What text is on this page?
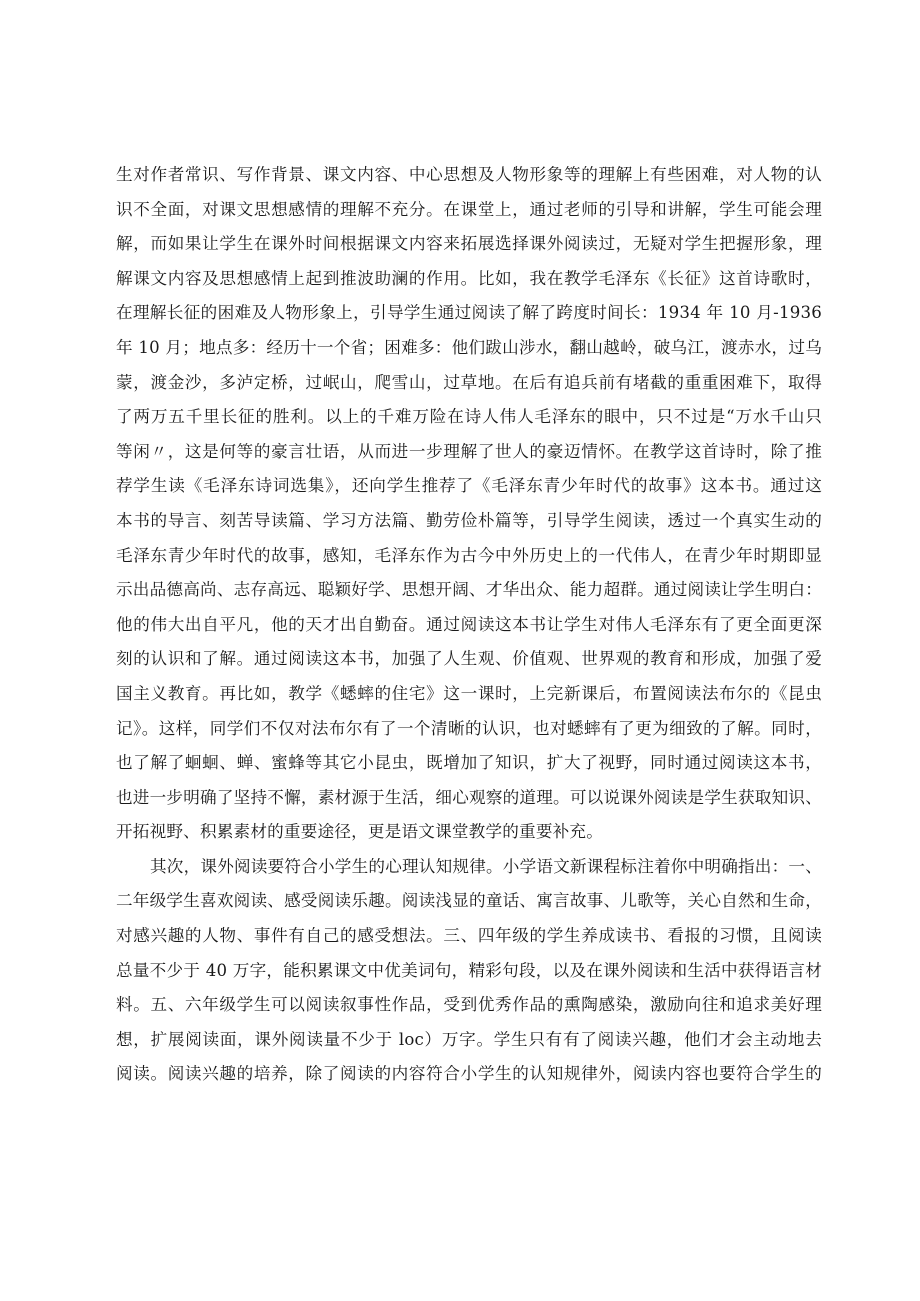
生对作者常识、写作背景、课文内容、中心思想及人物形象等的理解上有些困难，对人物的认
识不全面，对课文思想感情的理解不充分。在课堂上，通过老师的引导和讲解，学生可能会理
解，而如果让学生在课外时间根据课文内容来拓展选择课外阅读过，无疑对学生把握形象，理
解课文内容及思想感情上起到推波助澜的作用。比如，我在教学毛泽东《长征》这首诗歌时，
在理解长征的困难及人物形象上，引导学生通过阅读了解了跨度时间长：1934 年 10 月-1936
年 10 月；地点多：经历十一个省；困难多：他们跋山涉水，翻山越岭，破乌江，渡赤水，过乌
蒙，渡金沙，多泸定桥，过岷山，爬雪山，过草地。在后有追兵前有堵截的重重困难下，取得
了两万五千里长征的胜利。以上的千难万险在诗人伟人毛泽东的眼中，只不过是“万水千山只
等闲〃，这是何等的豪言壮语，从而进一步理解了世人的豪迈情怀。在教学这首诗时，除了推
荐学生读《毛泽东诗词选集》，还向学生推荐了《毛泽东青少年时代的故事》这本书。通过这
本书的导言、刻苦导读篇、学习方法篇、勤劳俭朴篇等，引导学生阅读，透过一个真实生动的
毛泽东青少年时代的故事，感知，毛泽东作为古今中外历史上的一代伟人，在青少年时期即显
示出品德高尚、志存高远、聪颖好学、思想开阔、才华出众、能力超群。通过阅读让学生明白：
他的伟大出自平凡，他的天才出自勤奋。通过阅读这本书让学生对伟人毛泽东有了更全面更深
刻的认识和了解。通过阅读这本书，加强了人生观、价值观、世界观的教育和形成，加强了爱
国主义教育。再比如，教学《蟋蟀的住宅》这一课时，上完新课后，布置阅读法布尔的《昆虫
记》。这样，同学们不仅对法布尔有了一个清晰的认识，也对蟋蟀有了更为细致的了解。同时，
也了解了蛔蛔、蝉、蜜蜂等其它小昆虫，既增加了知识，扩大了视野，同时通过阅读这本书，
也进一步明确了坚持不懈，素材源于生活，细心观察的道理。可以说课外阅读是学生获取知识、
开拓视野、积累素材的重要途径，更是语文课堂教学的重要补充。
其次，课外阅读要符合小学生的心理认知规律。小学语文新课程标注着你中明确指出：一、
二年级学生喜欢阅读、感受阅读乐趣。阅读浅显的童话、寓言故事、儿歌等，关心自然和生命，
对感兴趣的人物、事件有自己的感受想法。三、四年级的学生养成读书、看报的习惯，且阅读
总量不少于 40 万字，能积累课文中优美词句，精彩句段，以及在课外阅读和生活中获得语言材
料。五、六年级学生可以阅读叙事性作品，受到优秀作品的熏陶感染，激励向往和追求美好理
想，扩展阅读面，课外阅读量不少于 loc）万字。学生只有有了阅读兴趣，他们才会主动地去
阅读。阅读兴趣的培养，除了阅读的内容符合小学生的认知规律外，阅读内容也要符合学生的
